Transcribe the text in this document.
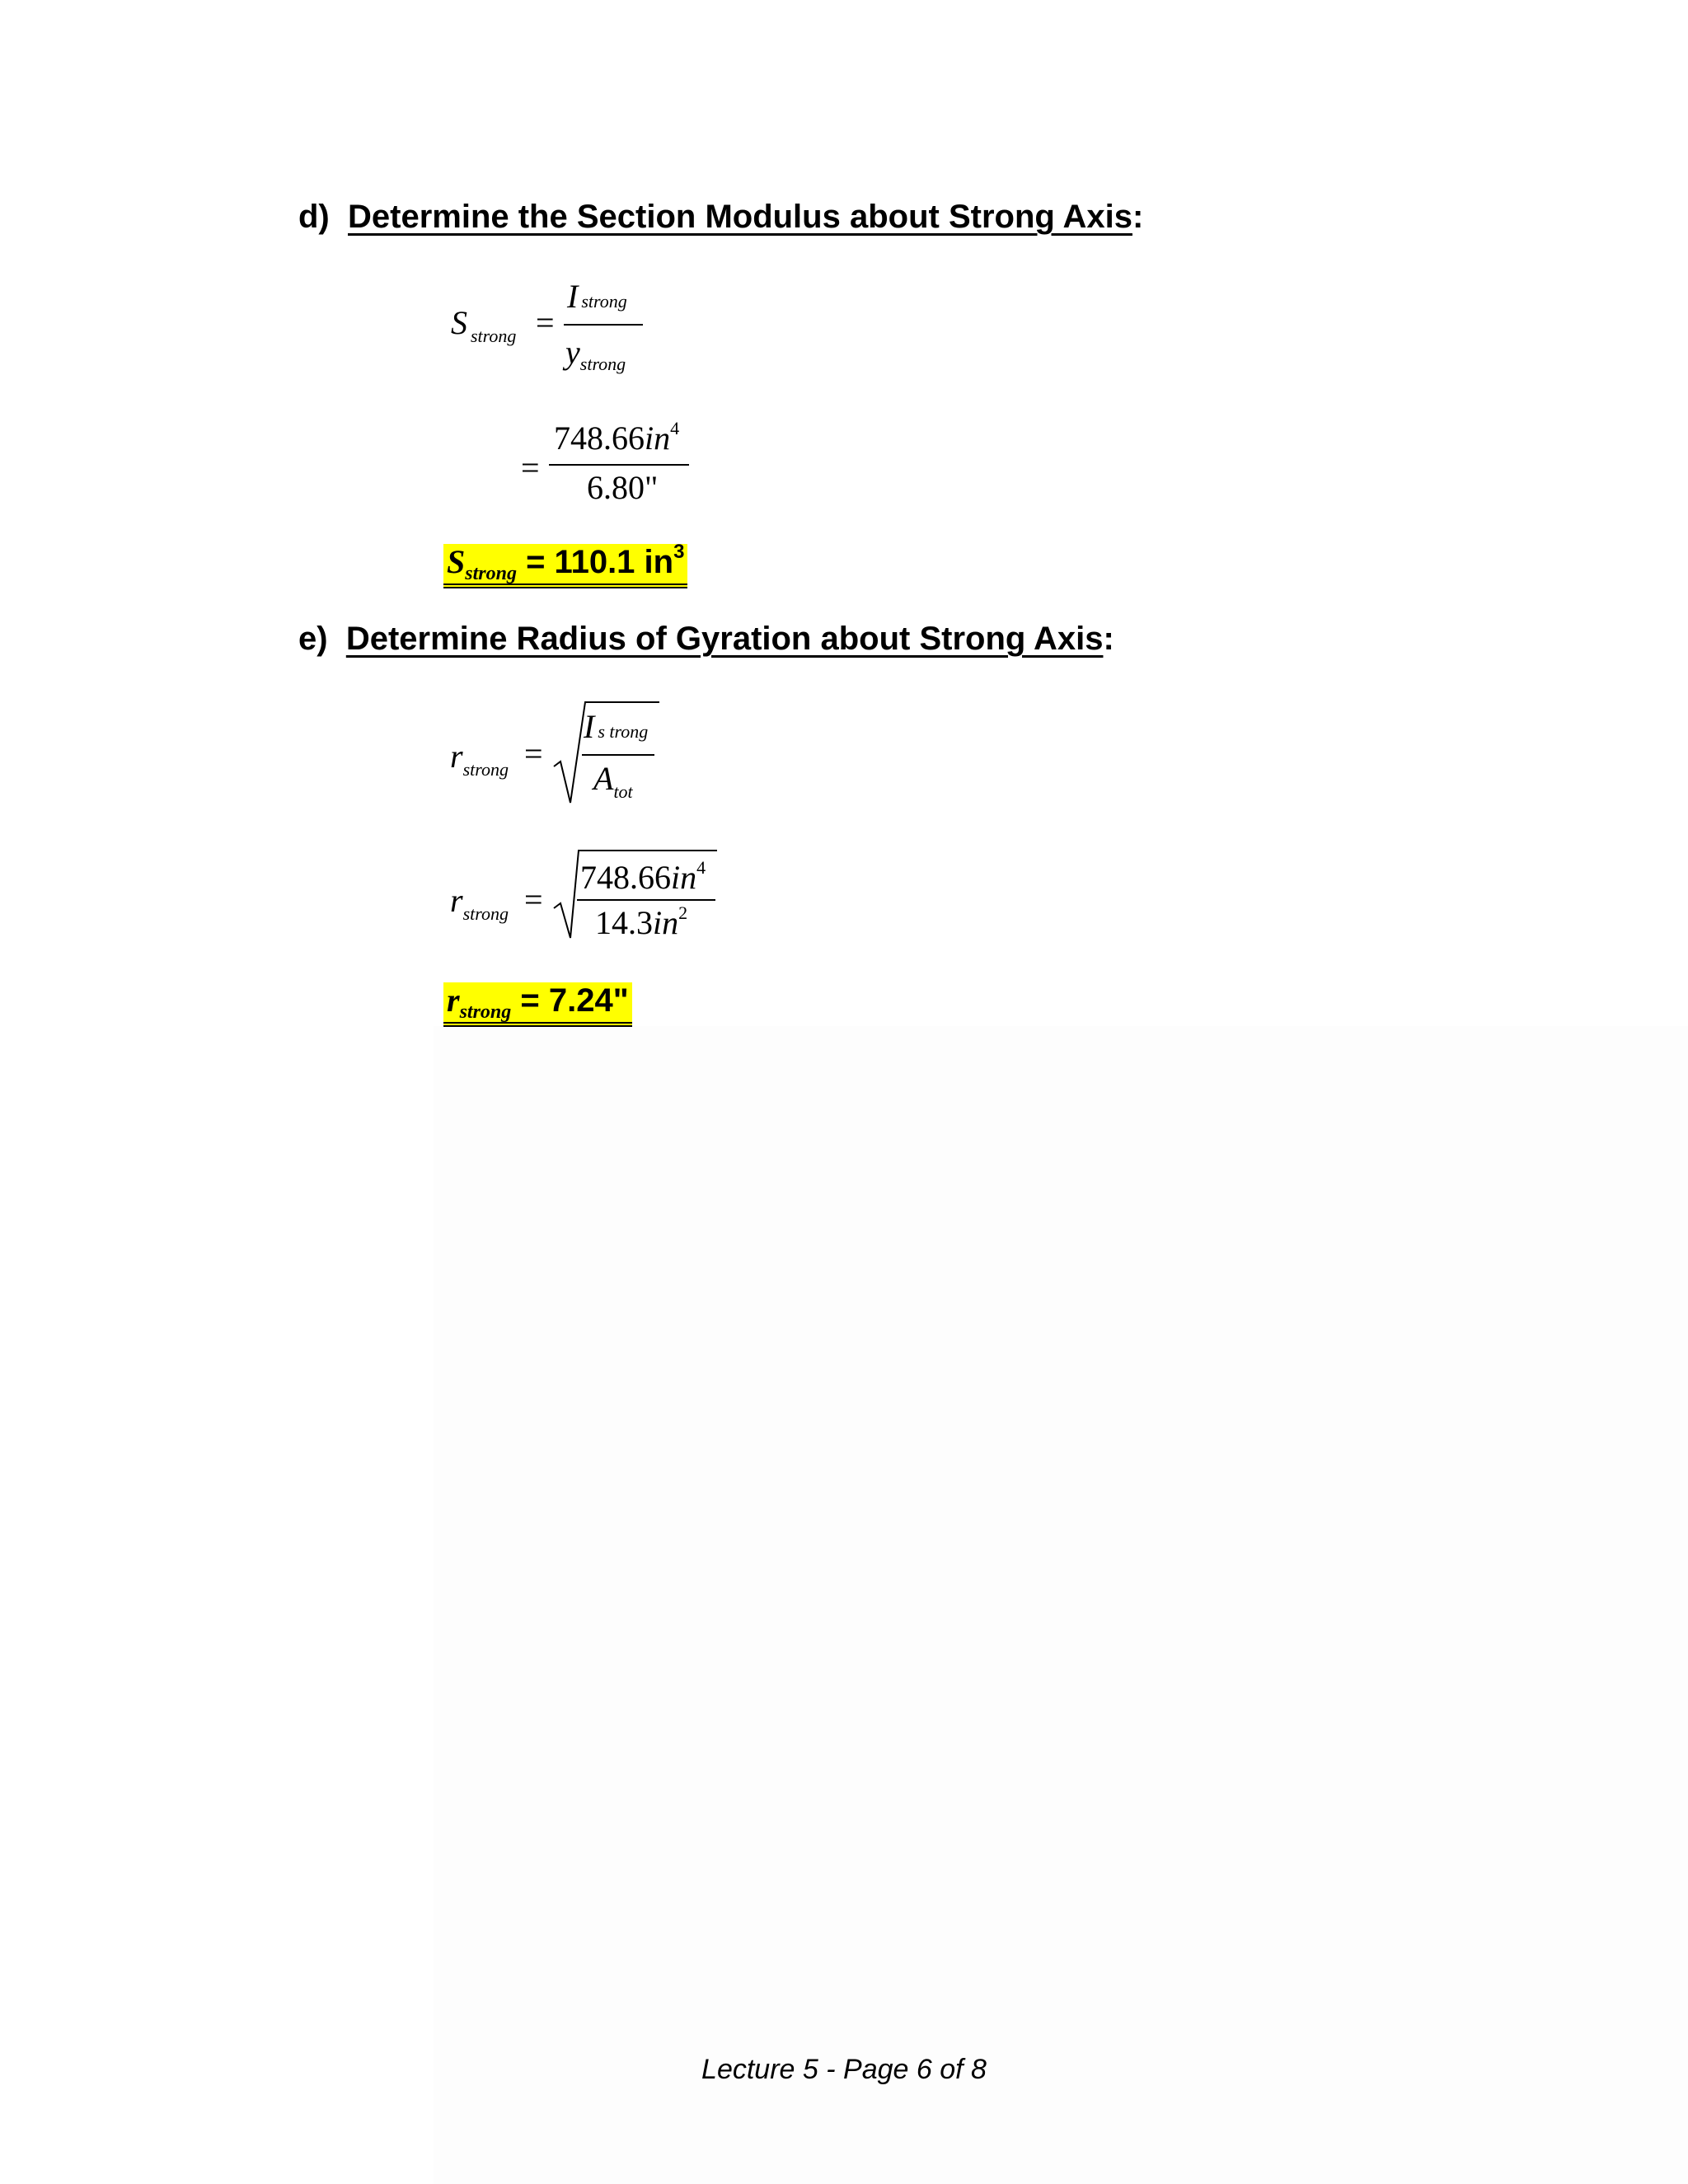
d) Determine the Section Modulus about Strong Axis:
Sstrong =
I strong
ystrong
=
748.66in4
6.80"
$S_{strong} = 110.1$ $in^3$
e) Determine Radius of Gyration about Strong Axis:
rstrong =
I s trong
Atot
rstrong =
748.66in4
14.3in2
$r_{strong} = 7.24$"
Lecture 5 - Page 6 of 8
